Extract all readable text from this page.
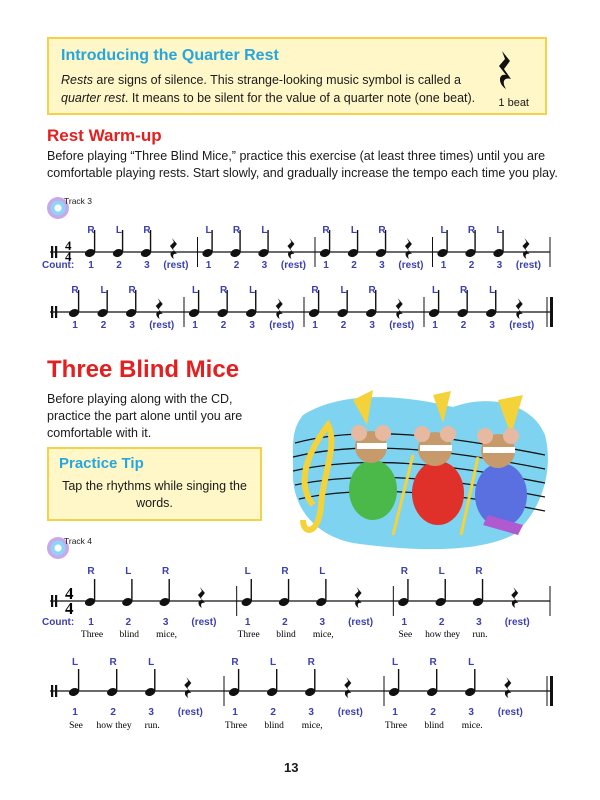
Introducing the Quarter Rest
Rests are signs of silence. This strange-looking music symbol is called a quarter rest. It means to be silent for the value of a quarter note (one beat).	1 beat
Rest Warm-up
Before playing “Three Blind Mice,” practice this exercise (at least three times) until you are comfortable playing rests. Start slowly, and gradually increase the tempo each time you play.
Track 3
Three Blind Mice
Before playing along with the CD, practice the part alone until you are comfortable with it.
Practice Tip
Tap the rhythms while singing the words.
Track 4
4
4
Count:
R
1
L
2
R
3 (rest)
L
1
R
2
L
3 (rest)
R
1
L
2
R
3 (rest)
L
1
R
2
L
3 (rest)
R
1
L
2
R
3 (rest)
L
1
R
2
L
3 (rest)
R
1
L
2
R
3 (rest)
L
1
R
2
L
3 (rest)
4
4
Count:
R
Three
1
L
blind
2
R
mice,
3 (rest)
L
Three
1
R
blind
2
L
mice,
3 (rest)
R
See
1
L
how they
2
R
run.
3 (rest)
L
See
1
R
how they
2
L
run.
3 (rest)
R
Three
1
L
blind
2
R
mice,
3 (rest)
L
Three
1
R
blind
2
L
mice.
3 (rest)
13
